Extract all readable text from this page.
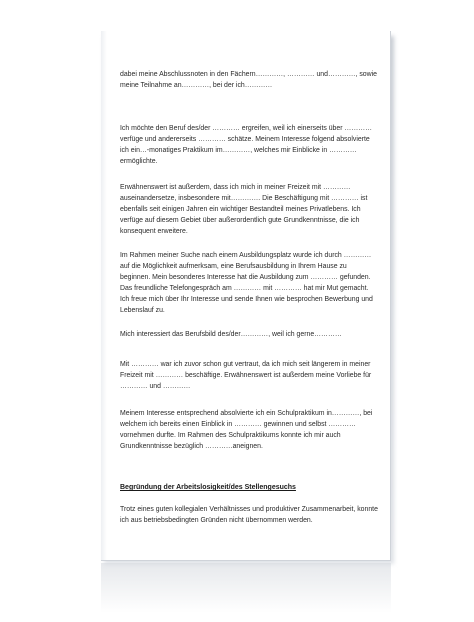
dabei meine Abschlussnoten in den Fächern…………, ………… und…………, sowie meine Teilnahme an…………, bei der ich…………

Ich möchte den Beruf des/der ………… ergreifen, weil ich einerseits über ………… verfüge und andererseits ………… schätze. Meinem Interesse folgend absolvierte ich ein…-monatiges Praktikum im…………, welches mir Einblicke in ………… ermöglichte.

Erwähnenswert ist außerdem, dass ich mich in meiner Freizeit mit ………… auseinandersetze, insbesondere mit…………. Die Beschäftigung mit ………… ist ebenfalls seit einigen Jahren ein wichtiger Bestandteil meines Privatlebens. Ich verfüge auf diesem Gebiet über außerordentlich gute Grundkenntnisse, die ich konsequent erweitere.

Im Rahmen meiner Suche nach einem Ausbildungsplatz wurde ich durch ………… auf die Möglichkeit aufmerksam, eine Berufsausbildung in Ihrem Hause zu beginnen. Mein besonderes Interesse hat die Ausbildung zum ………… gefunden. Das freundliche Telefongespräch am ………… mit ………… hat mir Mut gemacht. Ich freue mich über Ihr Interesse und sende Ihnen wie besprochen Bewerbung und Lebenslauf zu.

Mich interessiert das Berufsbild des/der…………, weil ich gerne…………

Mit ………… war ich zuvor schon gut vertraut, da ich mich seit längerem in meiner Freizeit mit ………… beschäftige. Erwähnenswert ist außerdem meine Vorliebe für ………… und …………

Meinem Interesse entsprechend absolvierte ich ein Schulpraktikum in…………, bei welchem ich bereits einen Einblick in ………… gewinnen und selbst ………… vornehmen durfte. Im Rahmen des Schulpraktikums konnte ich mir auch Grundkenntnisse bezüglich …………aneignen.

Begründung der Arbeitslosigkeit/des Stellengesuchs

Trotz eines guten kollegialen Verhältnisses und produktiver Zusammenarbeit, konnte ich aus betriebsbedingten Gründen nicht übernommen werden.
